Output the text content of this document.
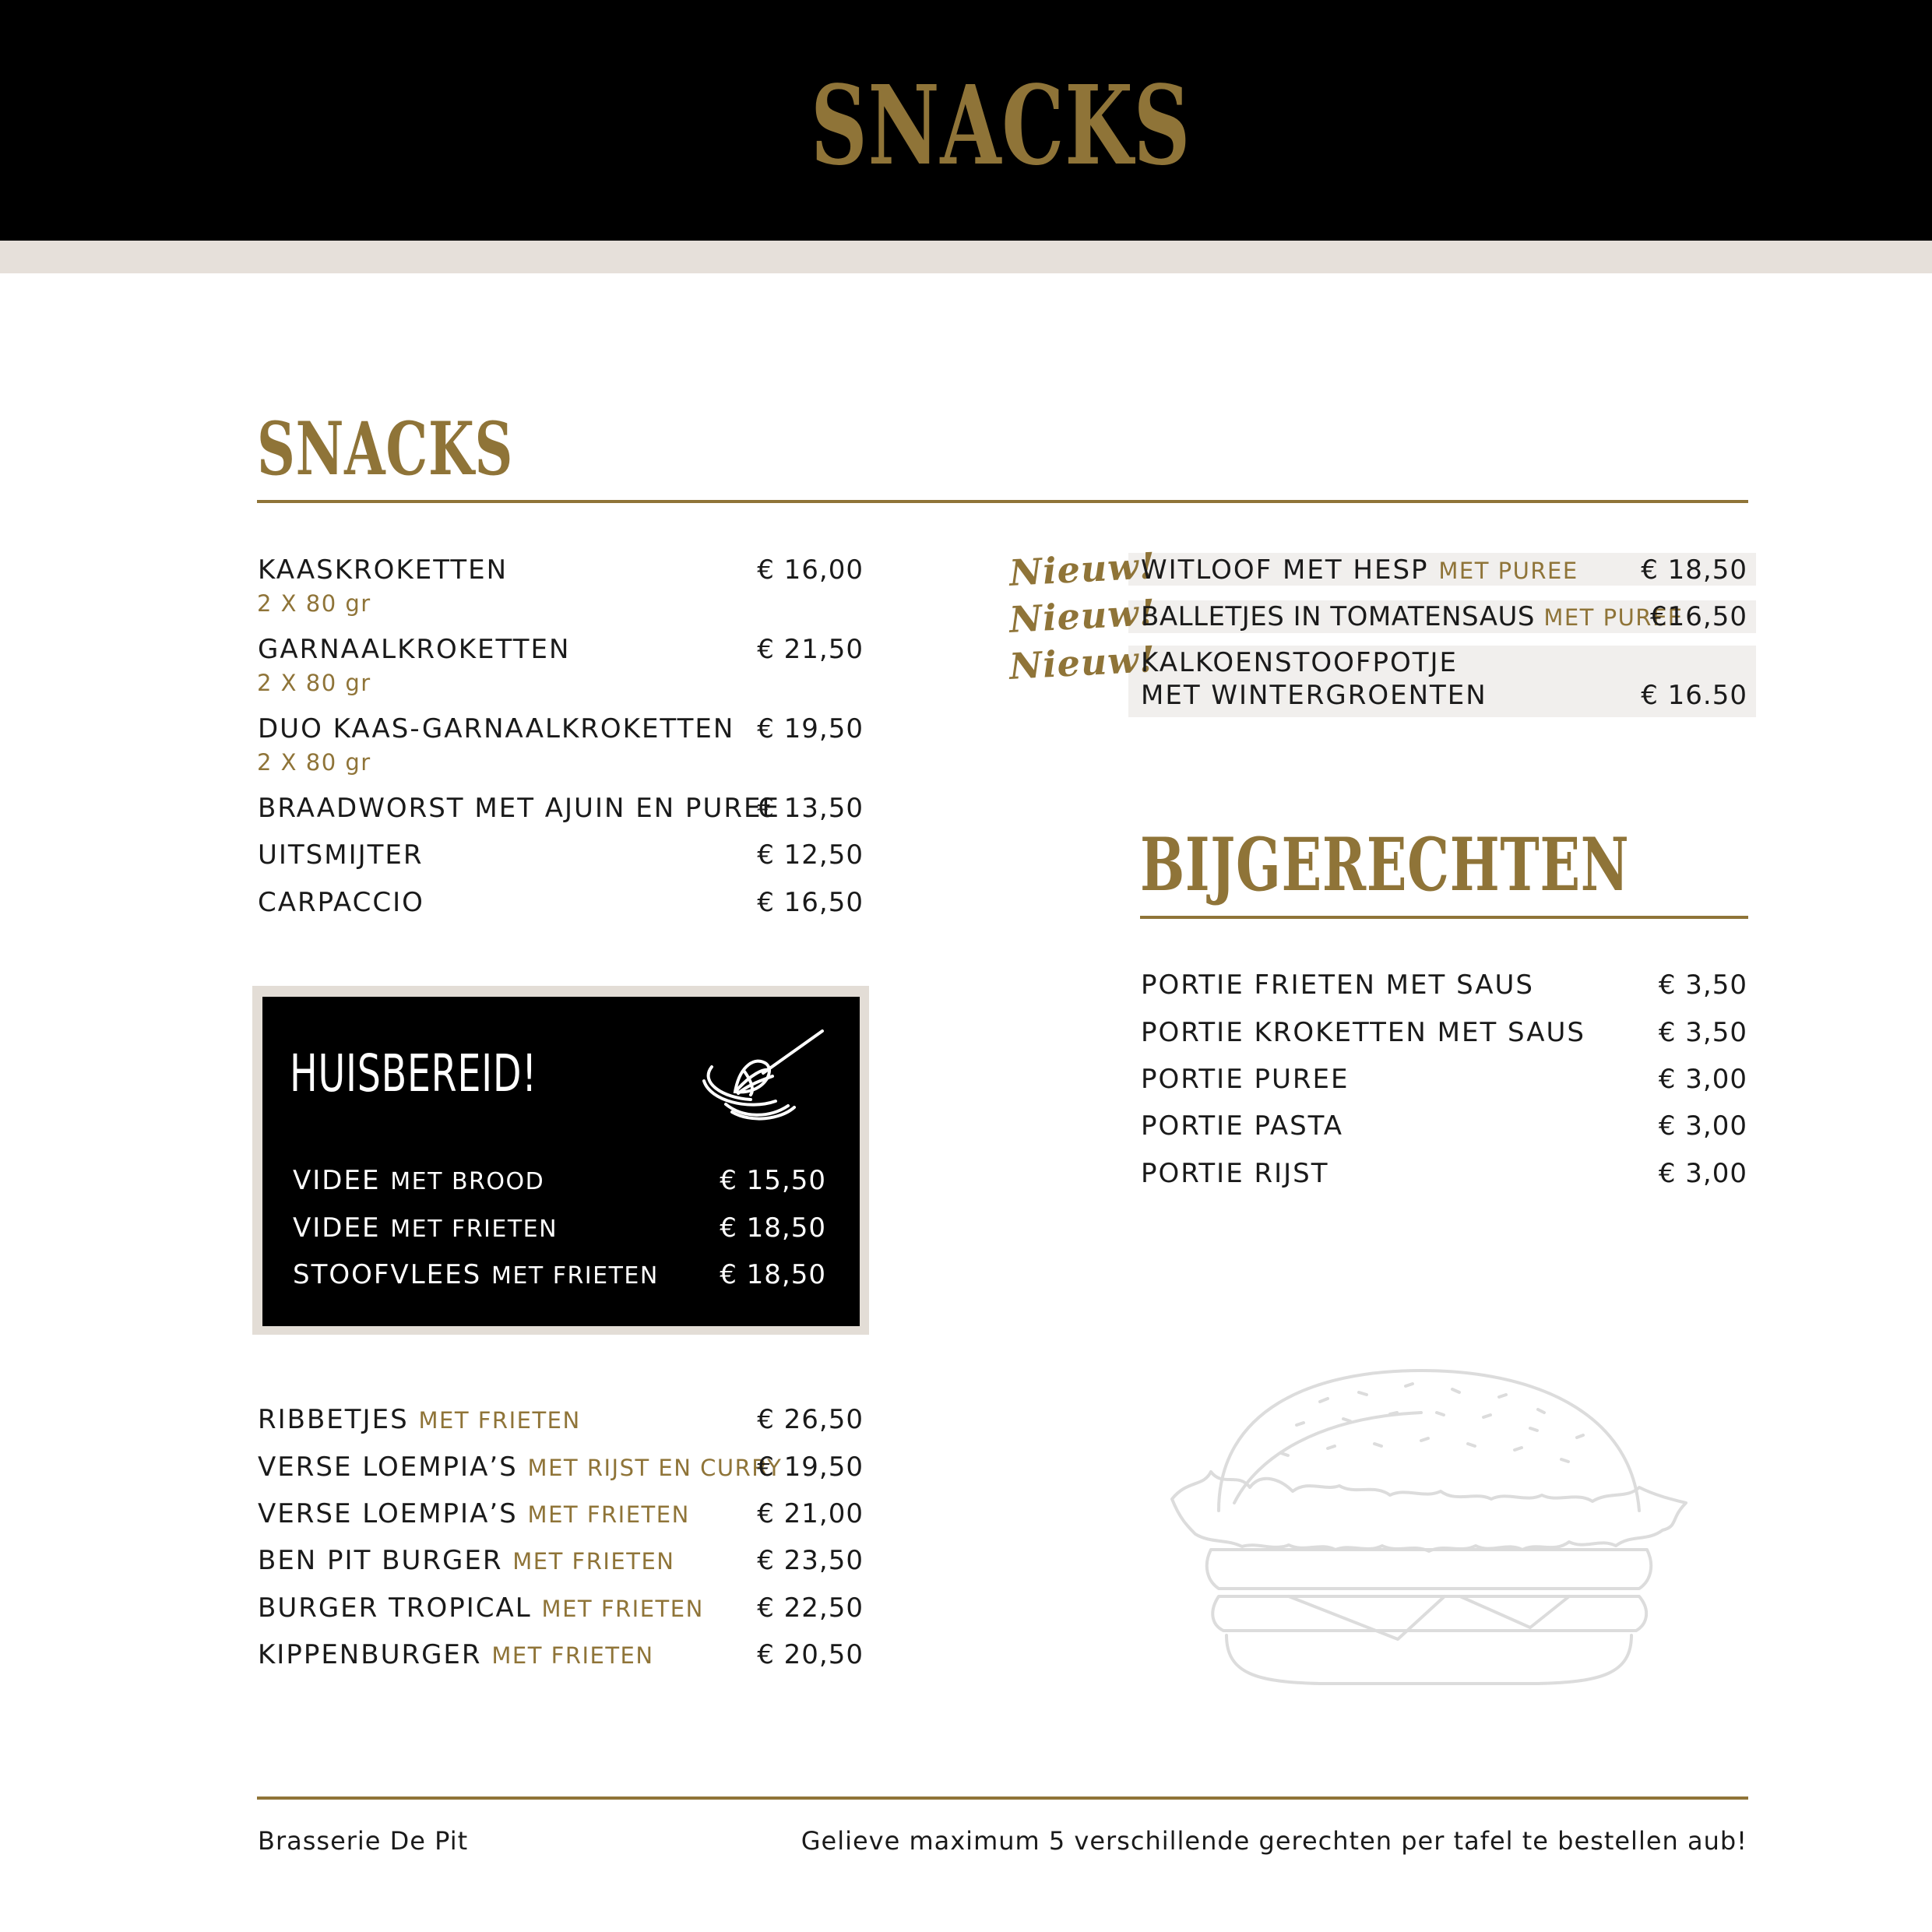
SNACKS
SNACKS
KAASKROKETTEN
2 X 80 gr
€ 16,00
GARNAALKROKETTEN
2 X 80 gr
€ 21,50
DUO KAAS-GARNAALKROKETTEN
2 X 80 gr
€ 19,50
BRAADWORST MET AJUIN EN PUREE
€ 13,50
UITSMIJTER	€ 12,50
CARPACCIO	€ 16,50
HUISBEREID!
VIDEE MET BROOD	€ 15,50
VIDEE MET FRIETEN	€ 18,50
STOOFVLEES MET FRIETEN € 18,50
RIBBETJES MET FRIETEN	€ 26,50
VERSE LOEMPIA’S MET RIJST EN CURRY
€ 19,50
VERSE LOEMPIA’S MET FRIETEN	€ 21,00
BEN PIT BURGER MET FRIETEN	€ 23,50
BURGER TROPICAL MET FRIETEN € 22,50
KIPPENBURGER MET FRIETEN	€ 20,50
Nieuw!
Nieuw!
Nieuw!
WITLOOF MET HESP MET PUREE € 18,50
BALLETJES IN TOMATENSAUS MET PUREE
€16,50
KALKOENSTOOFPOTJE
MET WINTERGROENTEN	€ 16.50
BIJGERECHTEN
PORTIE FRIETEN MET SAUS	€ 3,50
PORTIE KROKETTEN MET SAUS	€ 3,50
PORTIE PUREE	€ 3,00
PORTIE PASTA	€ 3,00
PORTIE RIJST	€ 3,00
Brasserie De Pit	Gelieve maximum 5 verschillende gerechten per tafel te bestellen aub!
